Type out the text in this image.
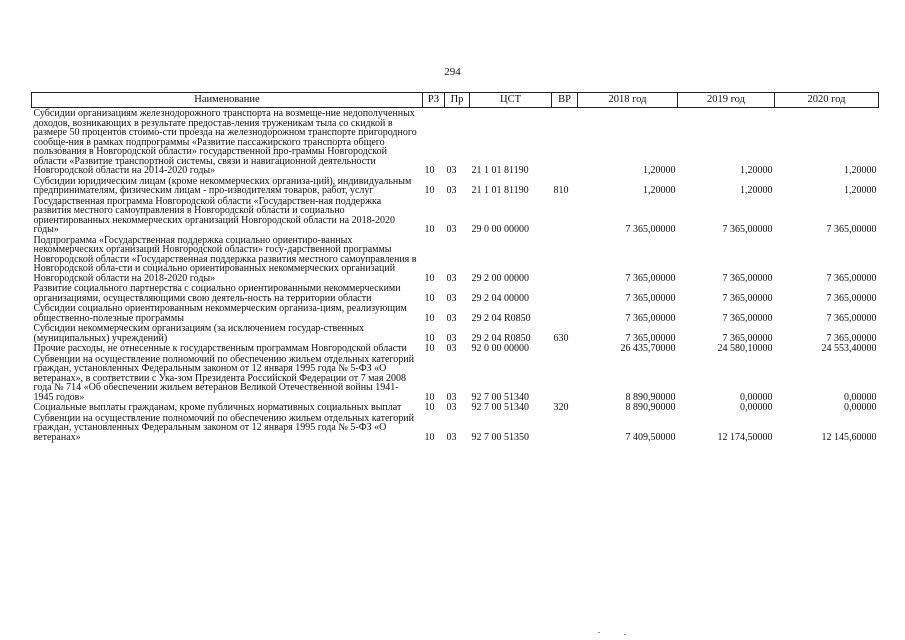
294
Наименование	РЗ	Пр	ЦСТ	ВР	2018 год	2019 год	2020 год
Субсидии организациям железнодорожного транспорта на возмеще-ние недополученных доходов, возникающих в результате предостав-ления труженикам тыла со скидкой в размере 50 процентов стоимо-сти проезда на железнодорожном транспорте пригородного сообще-ния в рамках подпрограммы «Развитие пассажирского транспорта общего пользования в Новгородской области» государственной про-граммы Новгородской области «Развитие транспортной системы, связи и навигационной деятельности Новгородской области на 2014-2020 годы»	10	03	21 1 01 81190		1,20000	1,20000	1,20000
Субсидии юридическим лицам (кроме некоммерческих организа-ций), индивидуальным предпринимателям, физическим лицам - про-изводителям товаров, работ, услуг	10	03	21 1 01 81190	810	1,20000	1,20000	1,20000
Государственная программа Новгородской области «Государствен-ная поддержка развития местного самоуправления в Новгородской области и социально ориентированных некоммерческих организаций Новгородской области на 2018-2020 годы»	10	03	29 0 00 00000		7 365,00000	7 365,00000	7 365,00000
Подпрограмма «Государственная поддержка социально ориентиро-ванных некоммерческих организаций Новгородской области» госу-дарственной программы Новгородской области «Государственная поддержка развития местного самоуправления в Новгородской обла-сти и социально ориентированных некоммерческих организаций Новгородской области на 2018-2020 годы»	10	03	29 2 00 00000		7 365,00000	7 365,00000	7 365,00000
Развитие социального партнерства с социально ориентированными некоммерческими организациями, осуществляющими свою деятель-ность на территории области	10	03	29 2 04 00000		7 365,00000	7 365,00000	7 365,00000
Субсидии социально ориентированным некоммерческим организа-циям, реализующим общественно-полезные программы	10	03	29 2 04 R0850		7 365,00000	7 365,00000	7 365,00000
Субсидии некоммерческим организациям (за исключением государ-ственных (муниципальных) учреждений)	10	03	29 2 04 R0850	630	7 365,00000	7 365,00000	7 365,00000
Прочие расходы, не отнесенные к государственным программам Новгородской области	10	03	92 0 00 00000		26 435,70000	24 580,10000	24 553,40000
Субвенции на осуществление полномочий по обеспечению жильем отдельных категорий граждан, установленных Федеральным законом от 12 января 1995 года № 5-ФЗ «О ветеранах», в соответствии с Ука-зом Президента Российской Федерации от 7 мая 2008 года № 714 «Об обеспечении жильем ветеранов Великой Отечественной войны 1941-1945 годов»	10	03	92 7 00 51340		8 890,90000	0,00000	0,00000
Социальные выплаты гражданам, кроме публичных нормативных социальных выплат	10	03	92 7 00 51340	320	8 890,90000	0,00000	0,00000
Субвенции на осуществление полномочий по обеспечению жильем отдельных категорий граждан, установленных Федеральным законом от 12 января 1995 года № 5-ФЗ «О ветеранах»	10	03	92 7 00 51350		7 409,50000	12 174,50000	12 145,60000
